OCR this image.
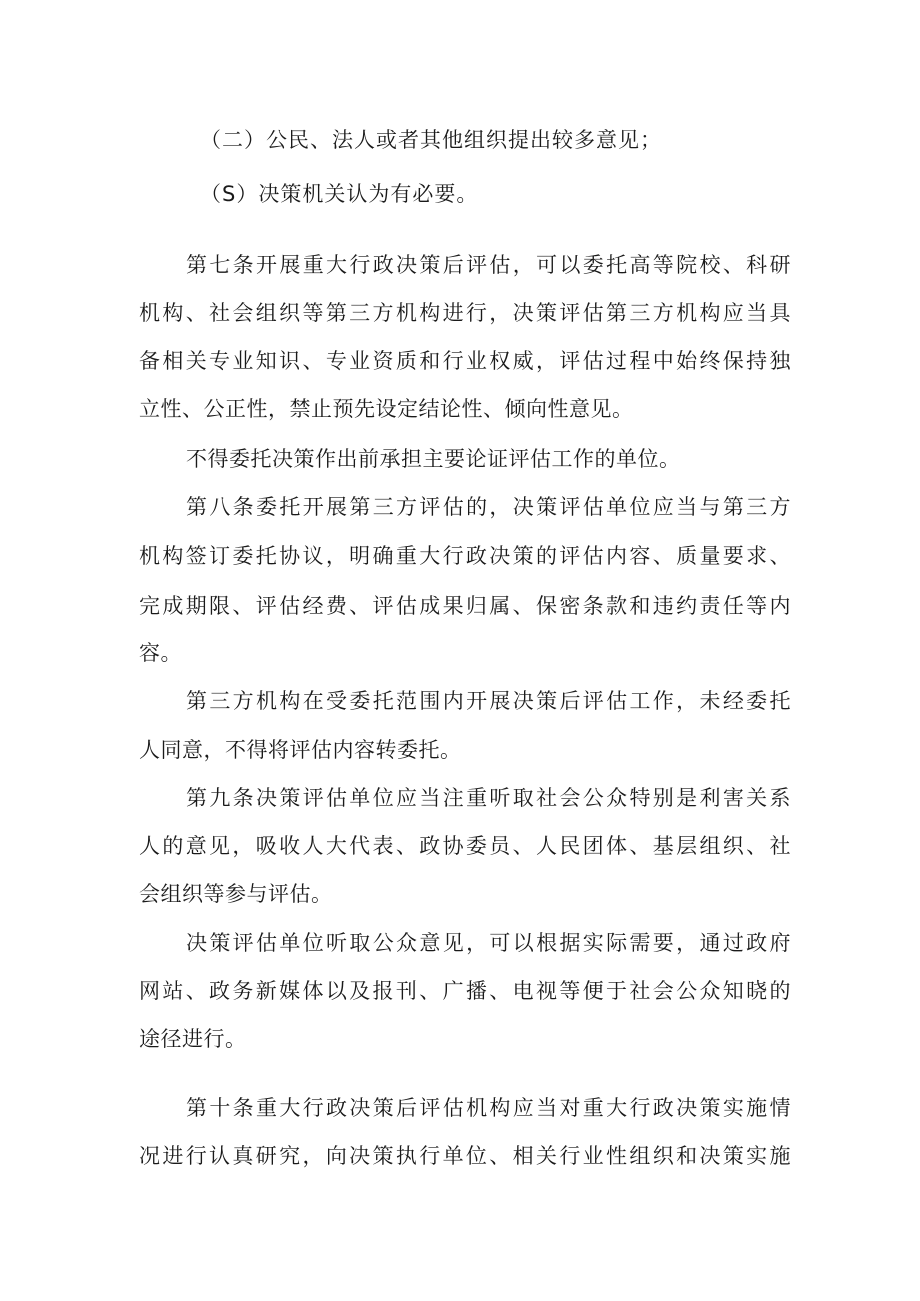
（二）公民、法人或者其他组织提出较多意见；
（S）决策机关认为有必要。
第七条开展重大行政决策后评估，可以委托高等院校、科研
机构、社会组织等第三方机构进行，决策评估第三方机构应当具
备相关专业知识、专业资质和行业权威，评估过程中始终保持独
立性、公正性，禁止预先设定结论性、倾向性意见。
不得委托决策作出前承担主要论证评估工作的单位。
第八条委托开展第三方评估的，决策评估单位应当与第三方
机构签订委托协议，明确重大行政决策的评估内容、质量要求、
完成期限、评估经费、评估成果归属、保密条款和违约责任等内
容。
第三方机构在受委托范围内开展决策后评估工作，未经委托
人同意，不得将评估内容转委托。
第九条决策评估单位应当注重听取社会公众特别是利害关系
人的意见，吸收人大代表、政协委员、人民团体、基层组织、社
会组织等参与评估。
决策评估单位听取公众意见，可以根据实际需要，通过政府
网站、政务新媒体以及报刊、广播、电视等便于社会公众知晓的
途径进行。
第十条重大行政决策后评估机构应当对重大行政决策实施情
况进行认真研究，向决策执行单位、相关行业性组织和决策实施
